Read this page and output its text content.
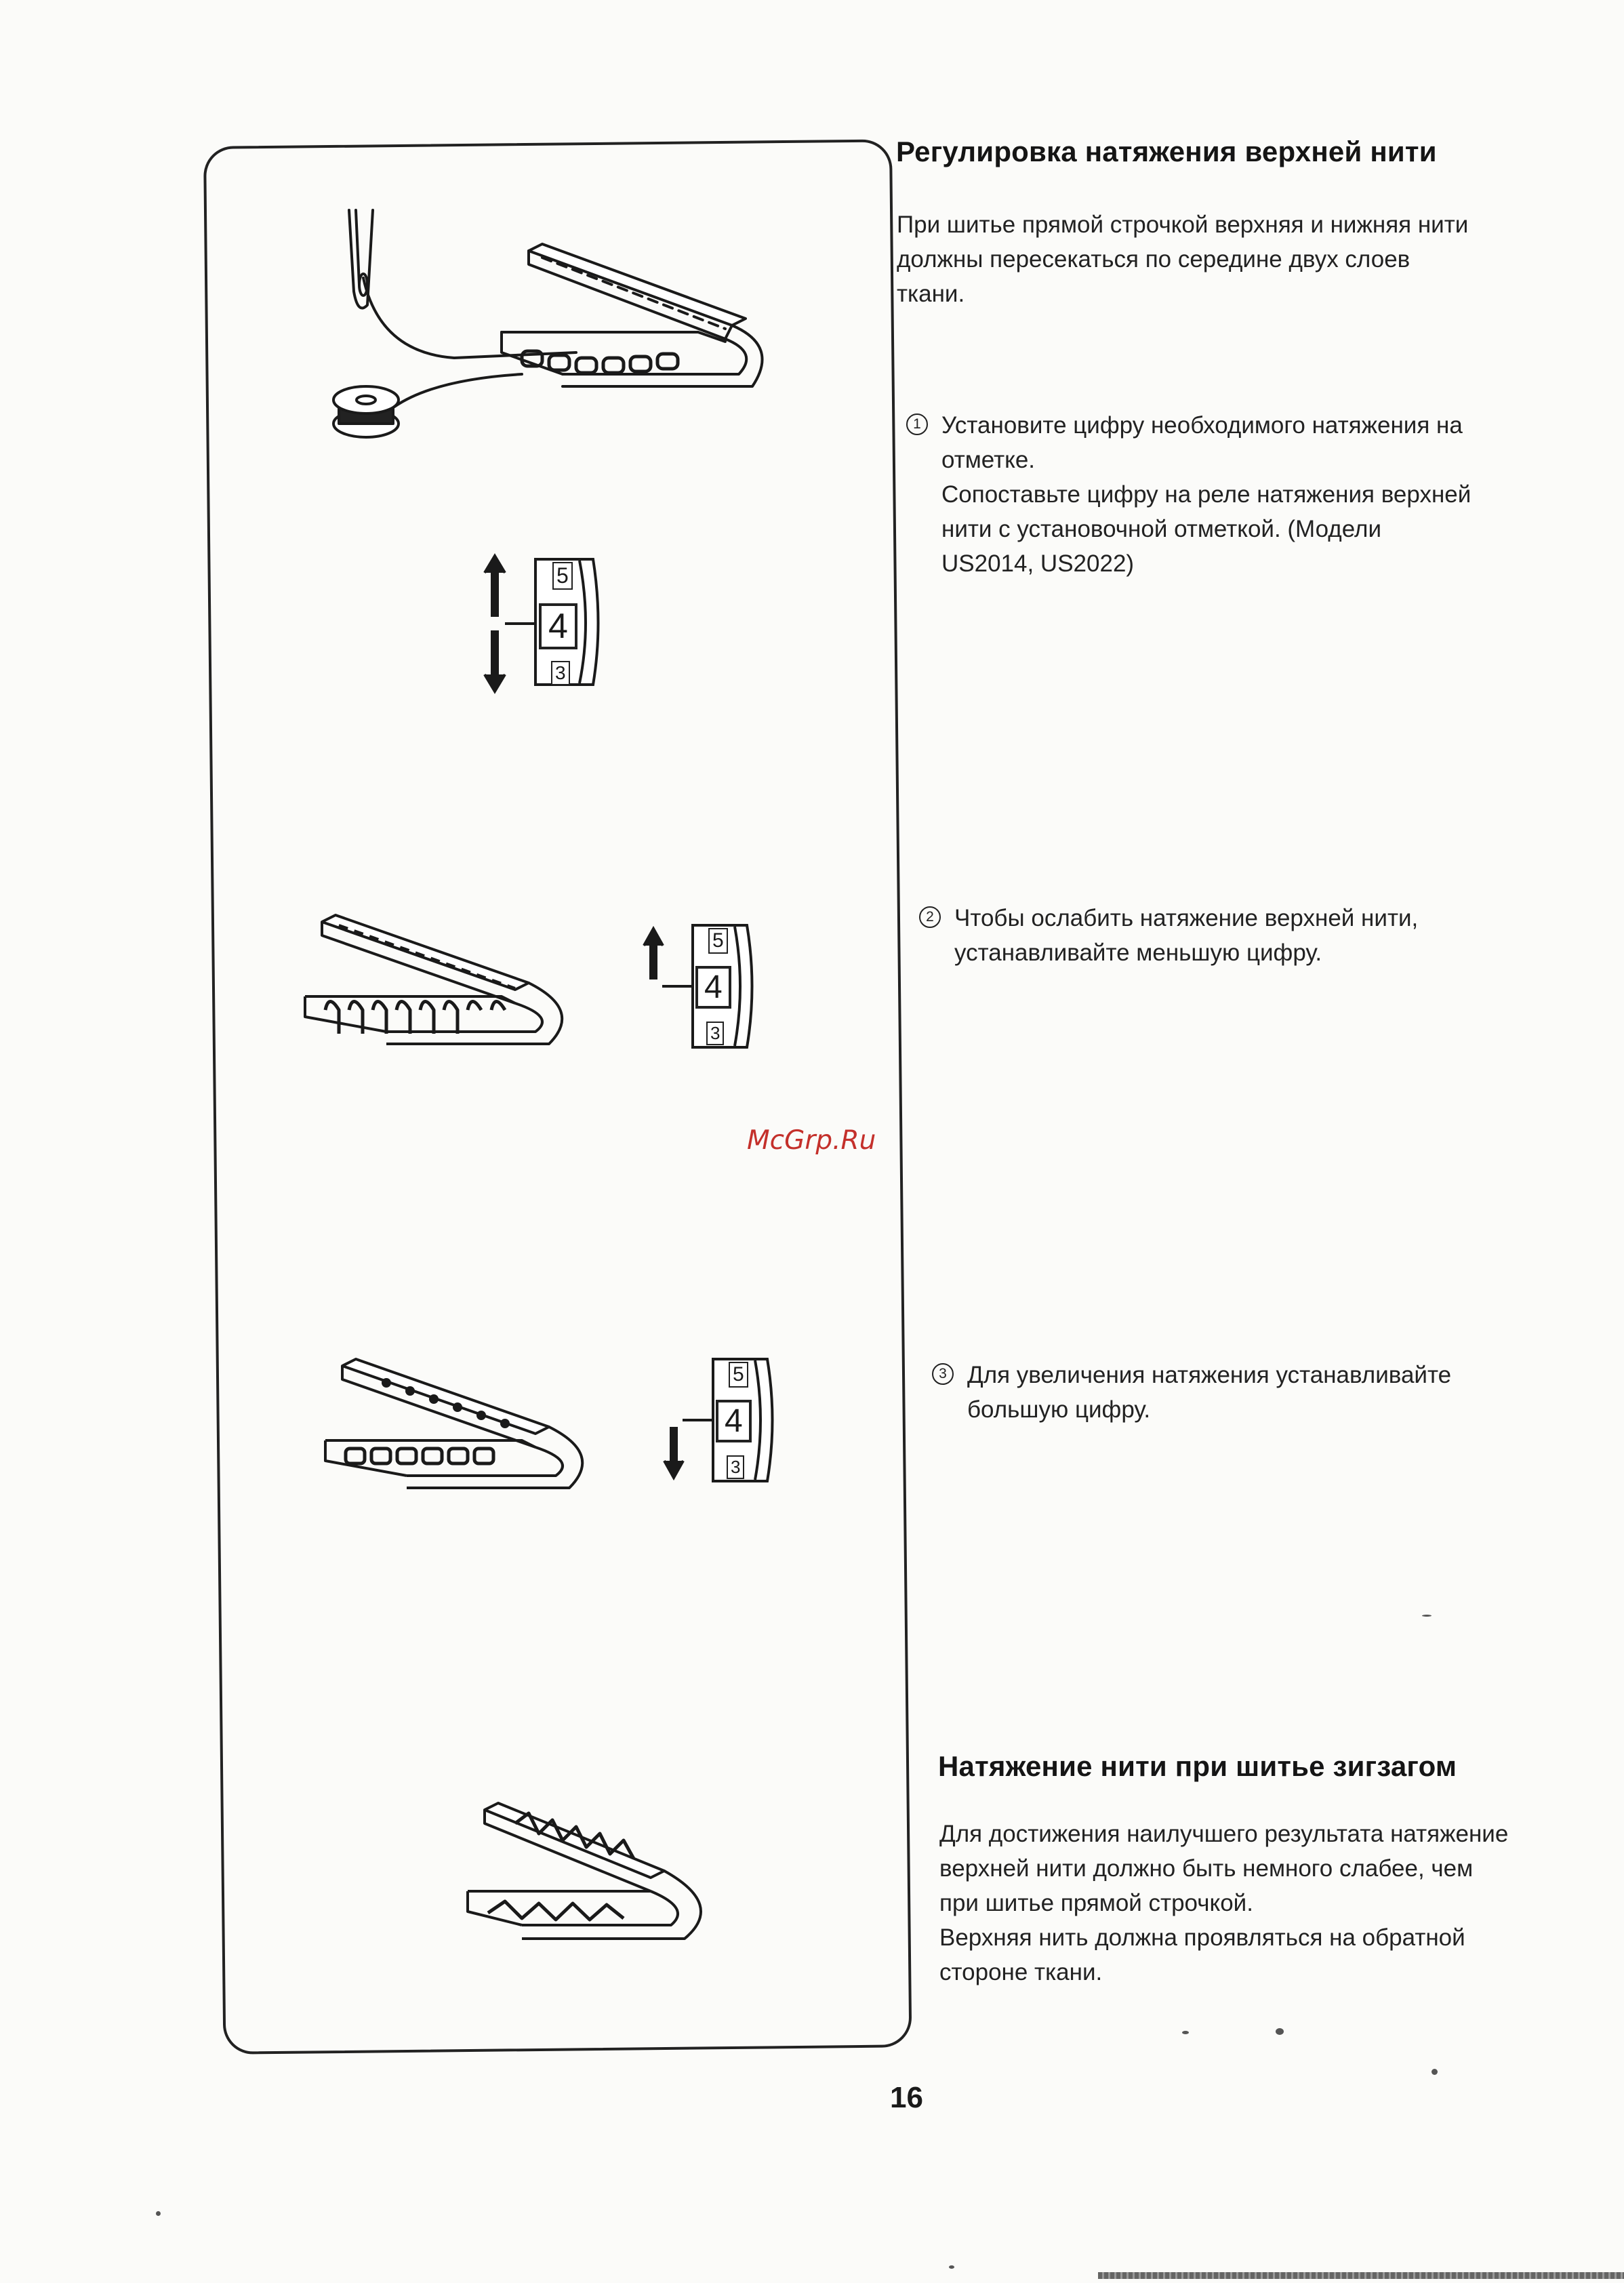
5
4
3
5
4
3
5
4
3
Регулировка натяжения верхней нити
При шитье прямой строчкой верхняя и нижняя нити
должны пересекаться по середине двух слоев
ткани.
1 Установите цифру необходимого натяжения на
отметке.
Сопоставьте цифру на реле натяжения верхней
нити с установочной отметкой. (Модели
US2014, US2022)
2 Чтобы ослабить натяжение верхней нити,
устанавливайте меньшую цифру.
3 Для увеличения натяжения устанавливайте
большую цифру.
Натяжение нити при шитье зигзагом
Для достижения наилучшего результата натяжение
верхней нити должно быть немного слабее, чем
при шитье прямой строчкой.
Верхняя нить должна проявляться на обратной
стороне ткани.
McGrp.Ru
16
